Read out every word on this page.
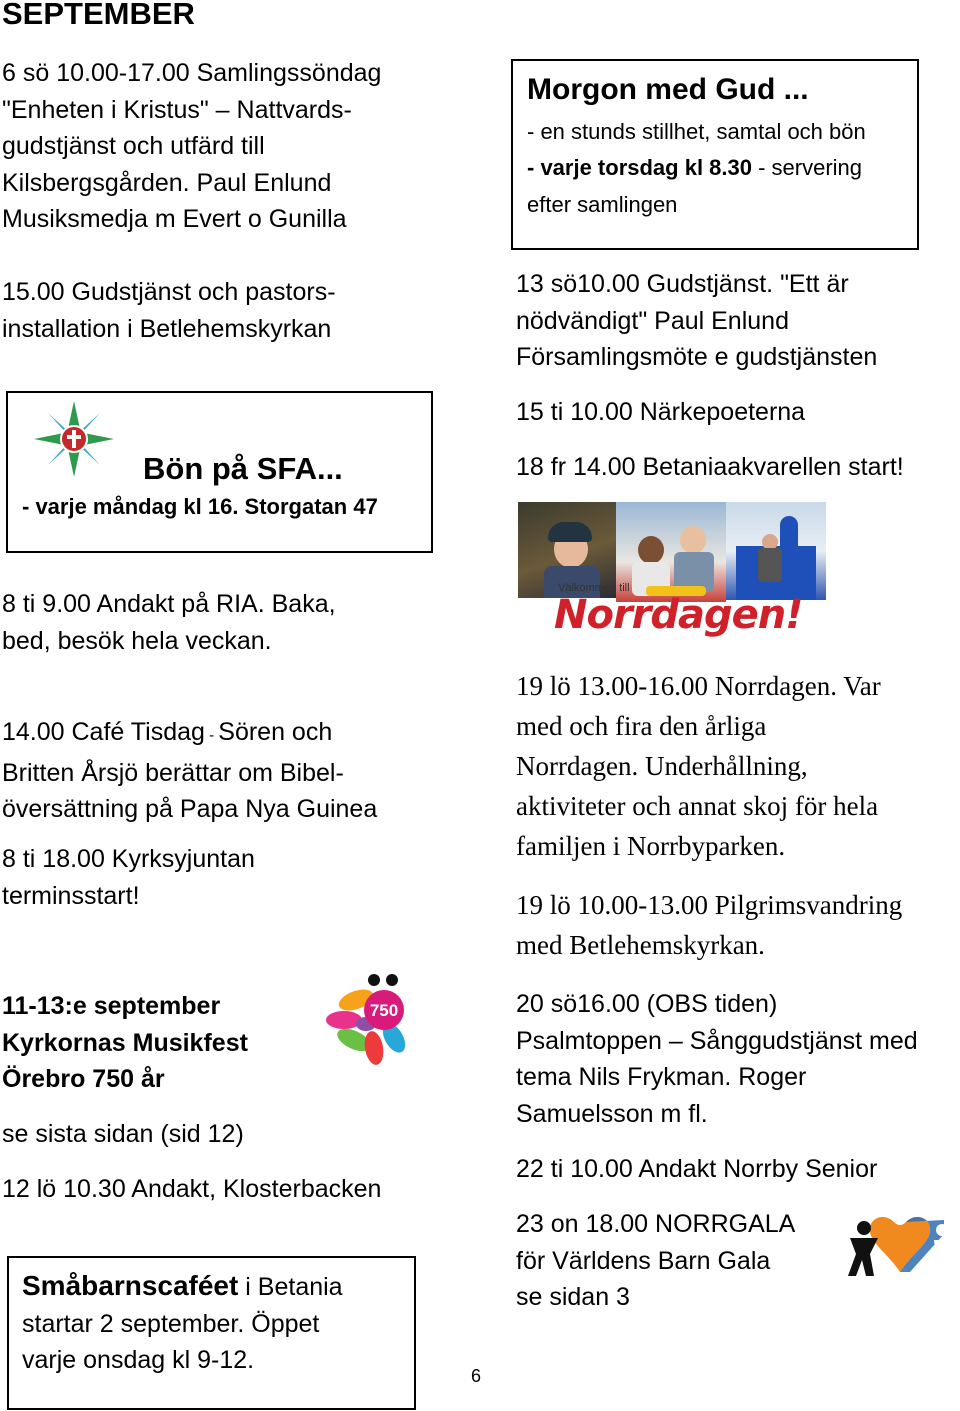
SEPTEMBER
6 sö 10.00-17.00 Samlingssöndag
"Enheten i Kristus" – Nattvards-
gudstjänst och utfärd till
Kilsbergsgården. Paul Enlund
Musiksmedja m Evert o Gunilla
15.00 Gudstjänst och pastors-
installation i Betlehemskyrkan
Bön på SFA...
- varje måndag kl 16. Storgatan 47
8 ti 9.00 Andakt på RIA. Baka,
bed, besök hela veckan.
14.00 Café Tisdag - Sören och
Britten Årsjö berättar om Bibel-
översättning på Papa Nya Guinea
8 ti 18.00 Kyrksyjuntan
terminsstart!
11-13:e september
Kyrkornas Musikfest
Örebro 750 år
750
se sista sidan (sid 12)
12 lö 10.30 Andakt, Klosterbacken
Småbarnscaféet i Betania
startar 2 september. Öppet
varje onsdag kl 9-12.
6
Morgon med Gud ...
- en stunds stillhet, samtal och bön
- varje torsdag kl 8.30 - servering
efter samlingen
13 sö10.00 Gudstjänst. "Ett är
nödvändigt" Paul Enlund
Församlingsmöte e gudstjänsten
15 ti 10.00 Närkepoeterna
18 fr 14.00 Betaniaakvarellen start!
Välkommen till
Norrdagen!
19 lö 13.00-16.00 Norrdagen. Var
med och fira den årliga
Norrdagen. Underhållning,
aktiviteter och annat skoj för hela
familjen i Norrbyparken.
19 lö 10.00-13.00 Pilgrimsvandring
med Betlehemskyrkan.
20 sö16.00 (OBS tiden)
Psalmtoppen – Sånggudstjänst med
tema Nils Frykman. Roger
Samuelsson m fl.
22 ti 10.00 Andakt Norrby Senior
23 on 18.00 NORRGALA
för Världens Barn Gala
se sidan 3
